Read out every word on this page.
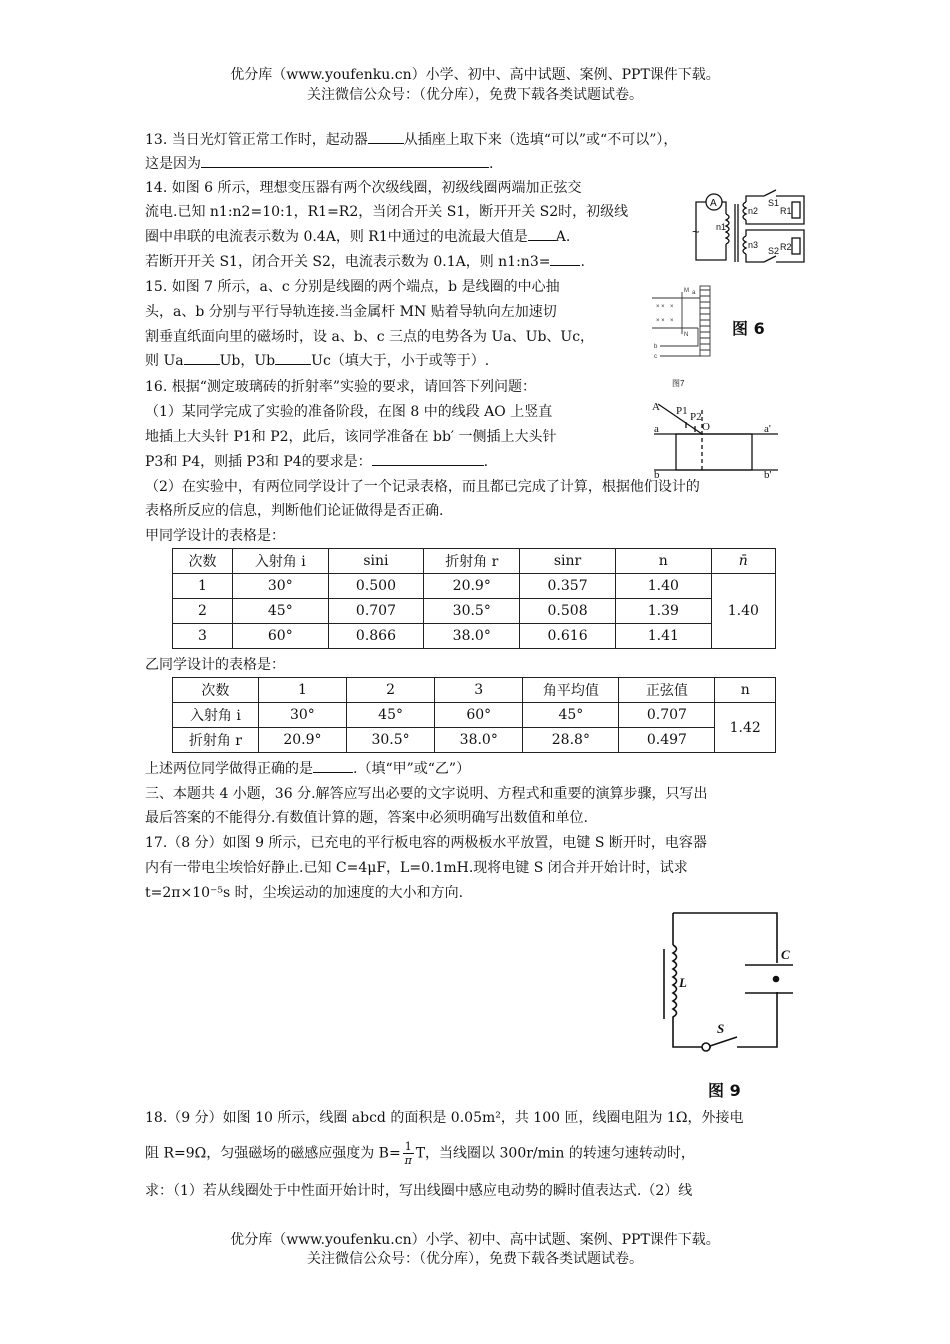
优分库（www.youfenku.cn）小学、初中、高中试题、案例、PPT课件下载。
关注微信公众号：（优分库），免费下载各类试题试卷。
13. 当日光灯管正常工作时，起动器	从插座上取下来（选填“可以”或“不可以”），
这是因为	.
14. 如图 6 所示，理想变压器有两个次级线圈，初级线圈两端加正弦交
流电.已知 n1:n2=10:1，R1=R2，当闭合开关 S1，断开开关 S2时，初级线
圈中串联的电流表示数为 0.4A，则 R1中通过的电流最大值是 A.
若断开开关 S1，闭合开关 S2，电流表示数为 0.1A，则 n1:n3= .
15. 如图 7 所示，a、c 分别是线圈的两个端点，b 是线圈的中心抽
头，a、b 分别与平行导轨连接.当金属杆 MN 贴着导轨向左加速切
割垂直纸面向里的磁场时，设 a、b、c 三点的电势各为 Ua、Ub、Uc，
则 Ua	Ub，Ub	Uc（填大于，小于或等于）.
16. 根据“测定玻璃砖的折射率”实验的要求，请回答下列问题：
（1）某同学完成了实验的准备阶段，在图 8 中的线段 AO 上竖直
地插上大头针 P1和 P2，此后，该同学准备在 bb′ 一侧插上大头针
P3和 P4，则插 P3和 P4的要求是：	.
（2）在实验中，有两位同学设计了一个记录表格，而且都已完成了计算，根据他们设计的
表格所反应的信息，判断他们论证做得是否正确.
甲同学设计的表格是：
次数	入射角 i	sini	折射角 r	sinr	n	n̄
1	30°	0.500	20.9°	0.357	1.40	1.40
2	45°	0.707	30.5°	0.508	1.39	
3	60°	0.866	38.0°	0.616	1.41	
乙同学设计的表格是：
次数	1	2	3	角平均值	正弦值	n
入射角 i	30°	45°	60°	45°	0.707	1.42
折射角 r	20.9°	30.5°	38.0°	28.8°	0.497	
上述两位同学做得正确的是	.（填“甲”或“乙”）
三、本题共 4 小题，36 分.解答应写出必要的文字说明、方程式和重要的演算步骤，只写出
最后答案的不能得分.有数值计算的题，答案中必须明确写出数值和单位.
17.（8 分）如图 9 所示，已充电的平行板电容的两极板水平放置，电键 S 断开时，电容器
内有一带电尘埃恰好静止.已知 C=4μF，L=0.1mH.现将电键 S 闭合并开始计时，试求
t=2π×10⁻⁵s 时，尘埃运动的加速度的大小和方向.
18.（9 分）如图 10 所示，线圈 abcd 的面积是 0.05m²，共 100 匝，线圈电阻为 1Ω，外接电
阻 R=9Ω，匀强磁场的磁感应强度为 $B= \frac{1}{\pi}$ T，当线圈以 300r/min 的转速匀速转动时，
求：（1）若从线圈处于中性面开始计时，写出线圈中感应电动势的瞬时值表达式.（2）线
优分库（www.youfenku.cn）小学、初中、高中试题、案例、PPT课件下载。
关注微信公众号：（优分库），免费下载各类试题试卷。
A
~ n1
n2
n3
S1
S2
R1
R2
图 6
× ×
× ×
×
×
M
N
b
c
a
图7
A P1 P2
O
a	a'
b	b'
C
L
S
图 9
